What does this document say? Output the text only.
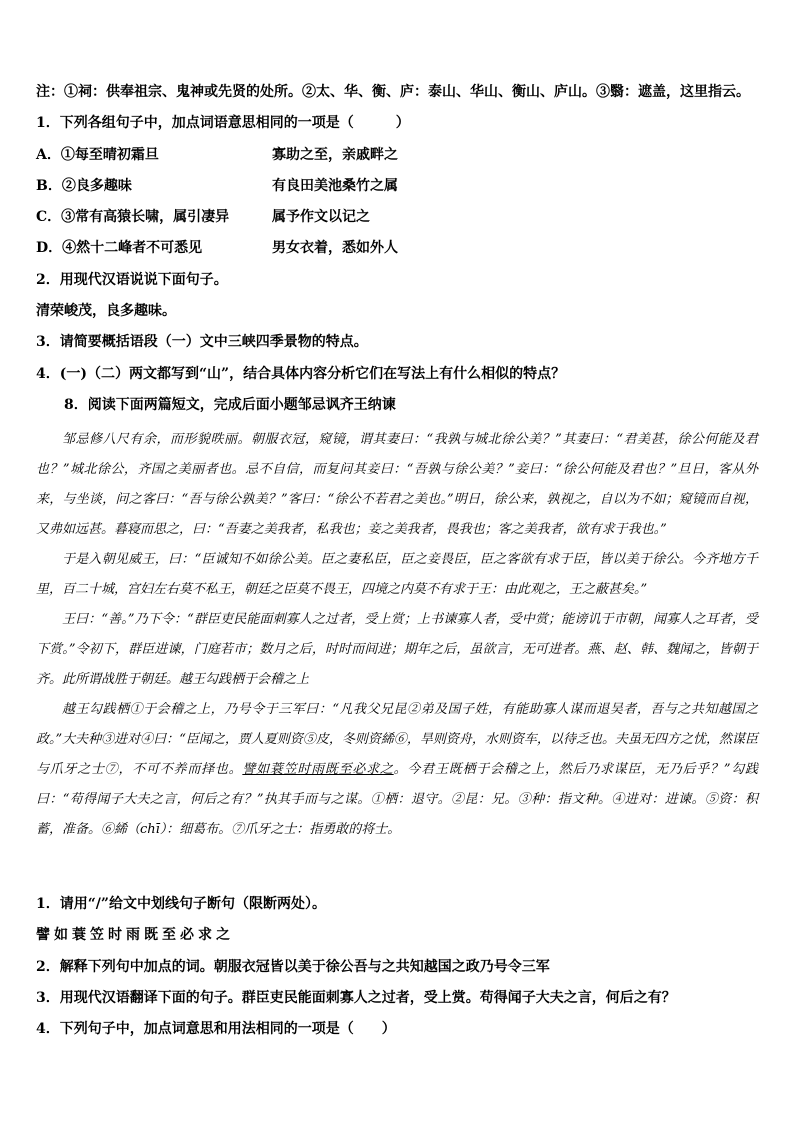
注：①祠：供奉祖宗、鬼神或先贤的处所。②太、华、衡、庐：泰山、华山、衡山、庐山。③翳：遮盖，这里指云。
1．下列各组句子中，加点词语意思相同的一项是（　　　）
A．①每至晴初霜旦	寡助之至，亲戚畔之
B．②良多趣味	有良田美池桑竹之属
C．③常有高猿长啸，属引凄异	属予作文以记之
D．④然十二峰者不可悉见	男女衣着，悉如外人
2．用现代汉语说说下面句子。
清荣峻茂，良多趣味。
3．请简要概括语段（一）文中三峡四季景物的特点。
4．(一)（二）两文都写到“山”，结合具体内容分析它们在写法上有什么相似的特点？
8．阅读下面两篇短文，完成后面小题邹忌讽齐王纳谏

邹忌修八尺有余，而形貌昳丽。朝服衣冠，窥镜，谓其妻曰：“我孰与城北徐公美？”其妻曰：“君美甚，徐公何能及君也？”城北徐公，齐国之美丽者也。忌不自信，而复问其妾曰：“吾孰与徐公美？”妾曰：“徐公何能及君也？”旦日，客从外来，与坐谈，问之客曰：“吾与徐公孰美？”客曰：“徐公不若君之美也。”明日，徐公来，孰视之，自以为不如；窥镜而自视，又弗如远甚。暮寝而思之，曰：“吾妻之美我者，私我也；妾之美我者，畏我也；客之美我者，欲有求于我也。”

于是入朝见威王，曰：“臣诚知不如徐公美。臣之妻私臣，臣之妾畏臣，臣之客欲有求于臣，皆以美于徐公。今齐地方千里，百二十城，宫妇左右莫不私王，朝廷之臣莫不畏王，四境之内莫不有求于王：由此观之，王之蔽甚矣。”

王曰：“善。”乃下令：“群臣吏民能面刺寡人之过者，受上赏；上书谏寡人者，受中赏；能谤讥于市朝，闻寡人之耳者，受下赏。”令初下，群臣进谏，门庭若市；数月之后，时时而间进；期年之后，虽欲言，无可进者。燕、赵、韩、魏闻之，皆朝于齐。此所谓战胜于朝廷。越王勾践栖于会稽之上

越王勾践栖①于会稽之上，乃号令于三军曰：“凡我父兄昆②弟及国子姓，有能助寡人谋而退吴者，吾与之共知越国之政。”大夫种③进对④曰：“臣闻之，贾人夏则资⑤皮，冬则资絺⑥，旱则资舟，水则资车，以待乏也。夫虽无四方之忧，然谋臣与爪牙之士⑦，不可不养而择也。譬如蓑笠时雨既至必求之。今君王既栖于会稽之上，然后乃求谋臣，无乃后乎？”勾践曰：“苟得闻子大夫之言，何后之有？”执其手而与之谋。①栖：退守。②昆：兄。③种：指文种。④进对：进谏。⑤资：积蓄，准备。⑥絺（chī）：细葛布。⑦爪牙之士：指勇敢的将士。

1．请用“/”给文中划线句子断句（限断两处）。
譬如蓑笠时雨既至必求之
2．解释下列句中加点的词。朝服衣冠皆以美于徐公吾与之共知越国之政乃号令三军
3．用现代汉语翻译下面的句子。群臣吏民能面刺寡人之过者，受上赏。苟得闻子大夫之言，何后之有？
4．下列句子中，加点词意思和用法相同的一项是（　　）
